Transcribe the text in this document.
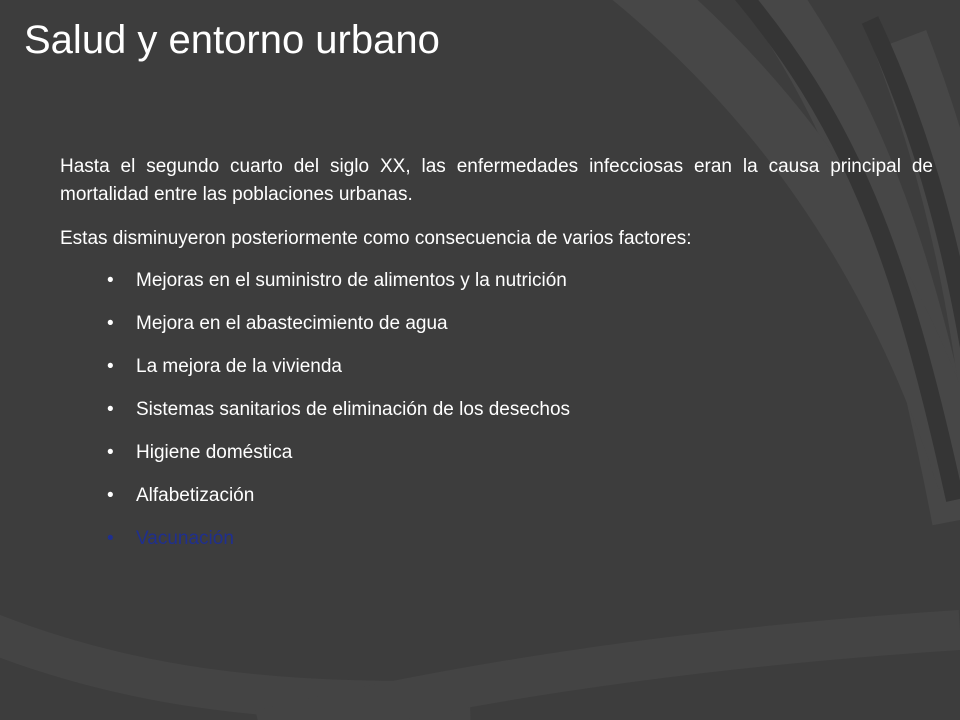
Salud y entorno urbano

Hasta el segundo cuarto del siglo XX, las enfermedades infecciosas eran la causa principal de mortalidad entre las poblaciones urbanas.

Estas disminuyeron posteriormente como consecuencia de varios factores:

•	Mejoras en el suministro de alimentos y la nutrición
•	Mejora en el abastecimiento de agua
•	La mejora de la vivienda
•	Sistemas sanitarios de eliminación de los desechos
•	Higiene doméstica
•	Alfabetización
•	Vacunación
